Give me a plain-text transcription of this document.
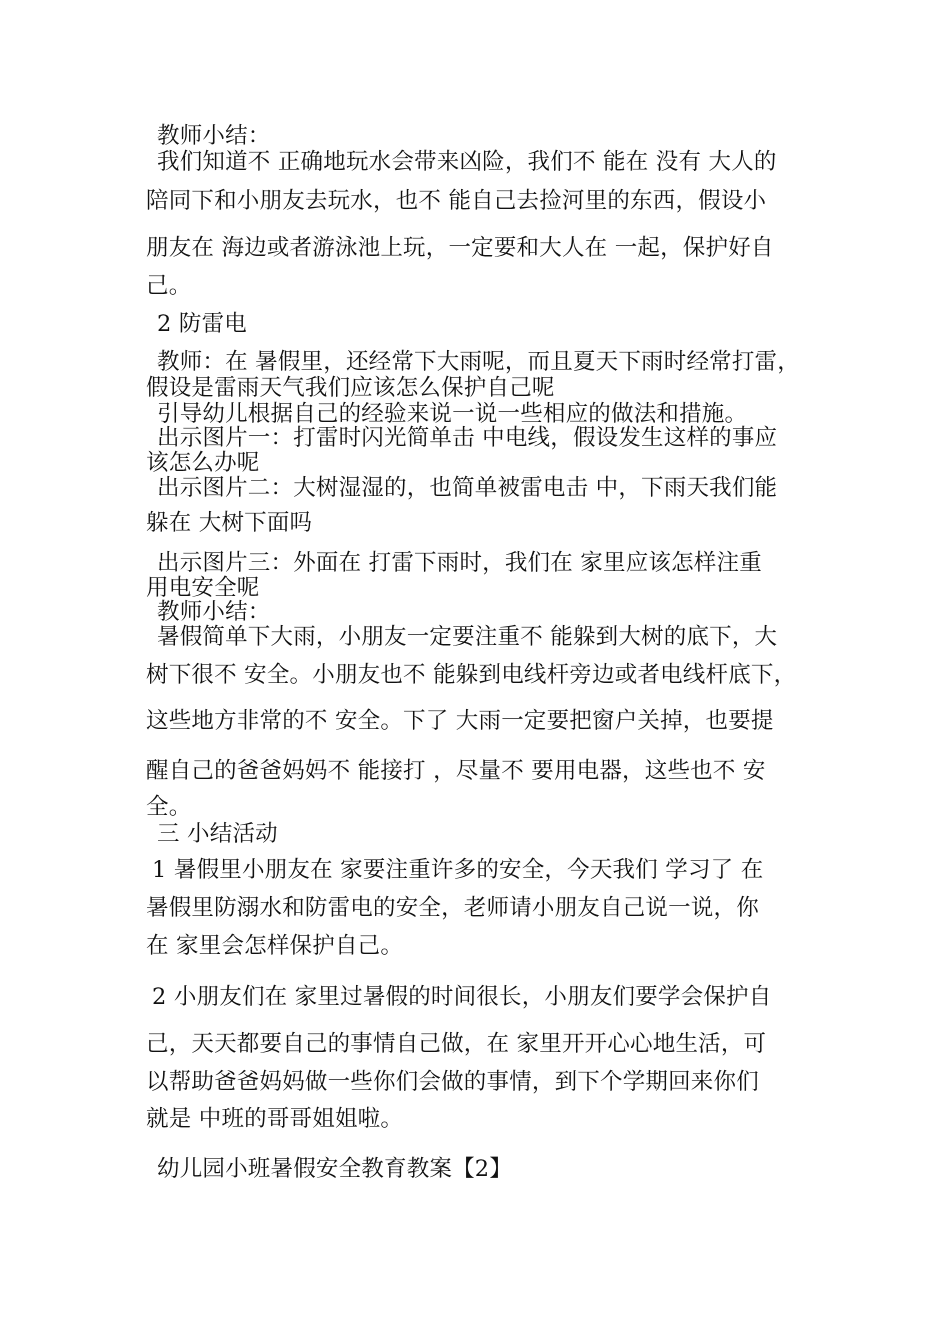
教师小结：
我们知道不 正确地玩水会带来凶险，我们不 能在 没有 大人的
陪同下和小朋友去玩水，也不 能自己去捡河里的东西，假设小
朋友在 海边或者游泳池上玩，一定要和大人在 一起，保护好自
己。
2 防雷电
教师：在 暑假里，还经常下大雨呢，而且夏天下雨时经常打雷，
假设是雷雨天气我们应该怎么保护自己呢
引导幼儿根据自己的经验来说一说一些相应的做法和措施。
出示图片一：打雷时闪光简单击 中电线，假设发生这样的事应
该怎么办呢
出示图片二：大树湿湿的，也简单被雷电击 中，下雨天我们能
躲在 大树下面吗
出示图片三：外面在 打雷下雨时，我们在 家里应该怎样注重
用电安全呢
教师小结：
暑假简单下大雨，小朋友一定要注重不 能躲到大树的底下，大
树下很不 安全。小朋友也不 能躲到电线杆旁边或者电线杆底下，
这些地方非常的不 安全。下了 大雨一定要把窗户关掉，也要提
醒自己的爸爸妈妈不 能接打 ，尽量不 要用电器，这些也不 安
全。
三 小结活动
1 暑假里小朋友在 家要注重许多的安全，今天我们 学习了 在
暑假里防溺水和防雷电的安全，老师请小朋友自己说一说，你
在 家里会怎样保护自己。
2 小朋友们在 家里过暑假的时间很长，小朋友们要学会保护自
己，天天都要自己的事情自己做，在 家里开开心心地生活，可
以帮助爸爸妈妈做一些你们会做的事情，到下个学期回来你们
就是 中班的哥哥姐姐啦。
幼儿园小班暑假安全教育教案【2】
